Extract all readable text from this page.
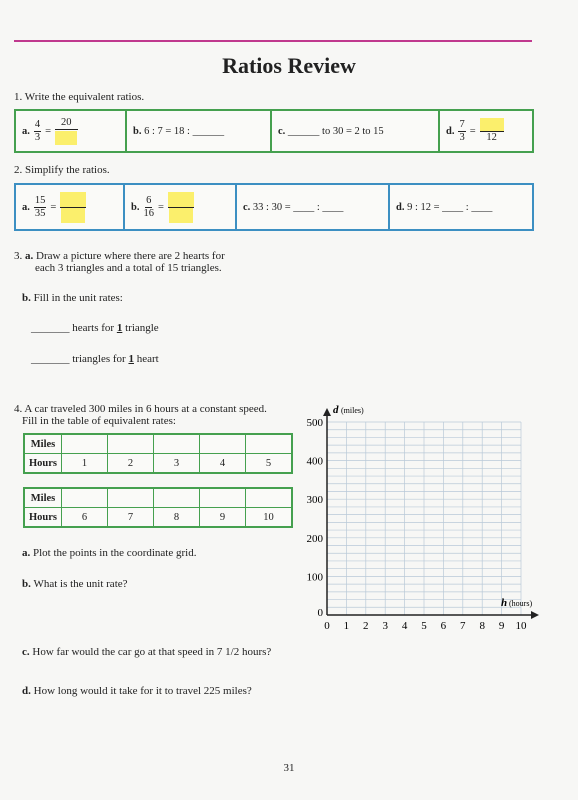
Ratios Review
1. Write the equivalent ratios.
a. $\frac{4}{3}$ =
20
b.
6 : 7 = 18 : ______	c.
______ to 30 = 2 to 15	d. $\frac{7}{3}$ =
12
2. Simplify the ratios.
a. $\frac{15}{35}$ =	b. $\frac{6}{16}$ =	c.
33 : 30 = ____ : ____	d.
9 : 12 = ____ : ____
3. a. Draw a picture where there are 2 hearts for
each 3 triangles and a total of 15 triangles.
b. Fill in the unit rates:
_______ hearts for 1 triangle
_______ triangles for 1 heart
4. A car traveled 300 miles in 6 hours at a constant speed.
Fill in the table of equivalent rates:
Miles					
Hours	1	2	3	4	5
Miles					
Hours	6	7	8	9	10
a. Plot the points in the coordinate grid.
b. What is the unit rate?
c. How far would the car go at that speed in 7 1/2 hours?
d. How long would it take for it to travel 225 miles?
0
100
200
300
400
500
0 1 2 3 4 5 6 7 8 9 10
d (miles)
h (hours)
31
